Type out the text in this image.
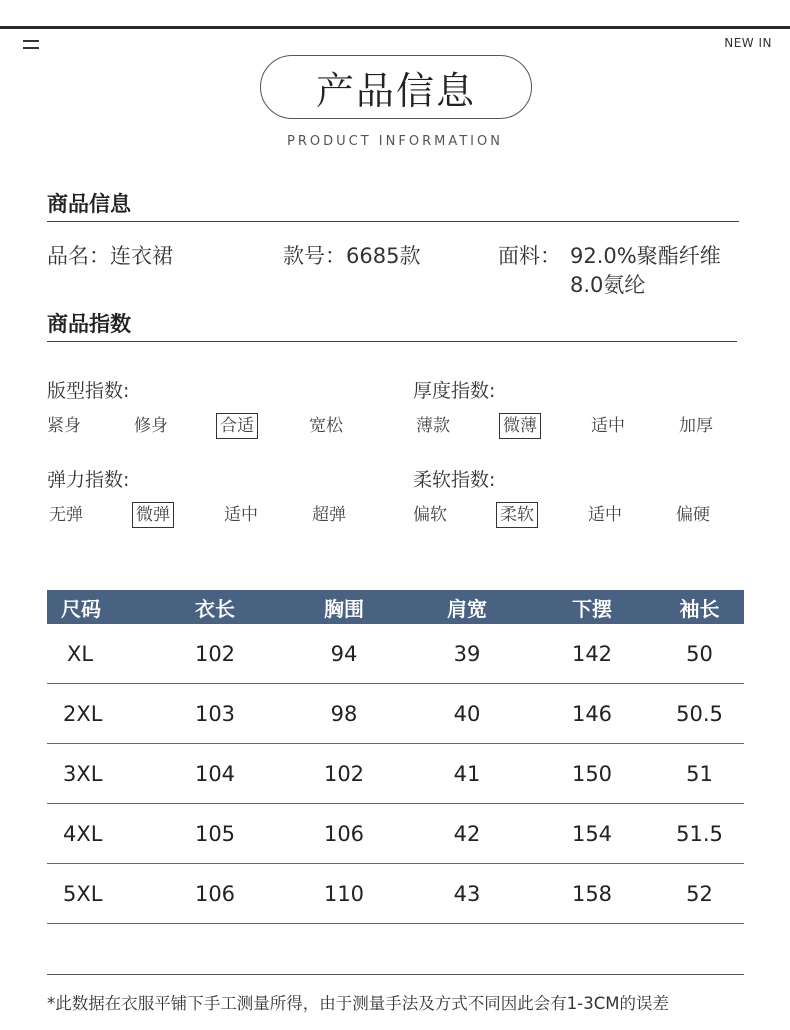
NEW IN
产品信息
PRODUCT INFORMATION
商品信息
品名：连衣裙	款号：6685款	面料： 92.0%聚酯纤维
8.0氨纶
商品指数
版型指数:
紧身	修身	合适	宽松
厚度指数:
薄款	微薄	适中	加厚
弹力指数:
无弹	微弹	适中	超弹
柔软指数:
偏软	柔软	适中	偏硬
尺码	衣长	胸围	肩宽	下摆	袖长
XL	102	94	39	142	50
2XL	103	98	40	146	50.5
3XL	104	102	41	150	51
4XL	105	106	42	154	51.5
5XL	106	110	43	158	52
*此数据在衣服平铺下手工测量所得，由于测量手法及方式不同因此会有1-3CM的误差
